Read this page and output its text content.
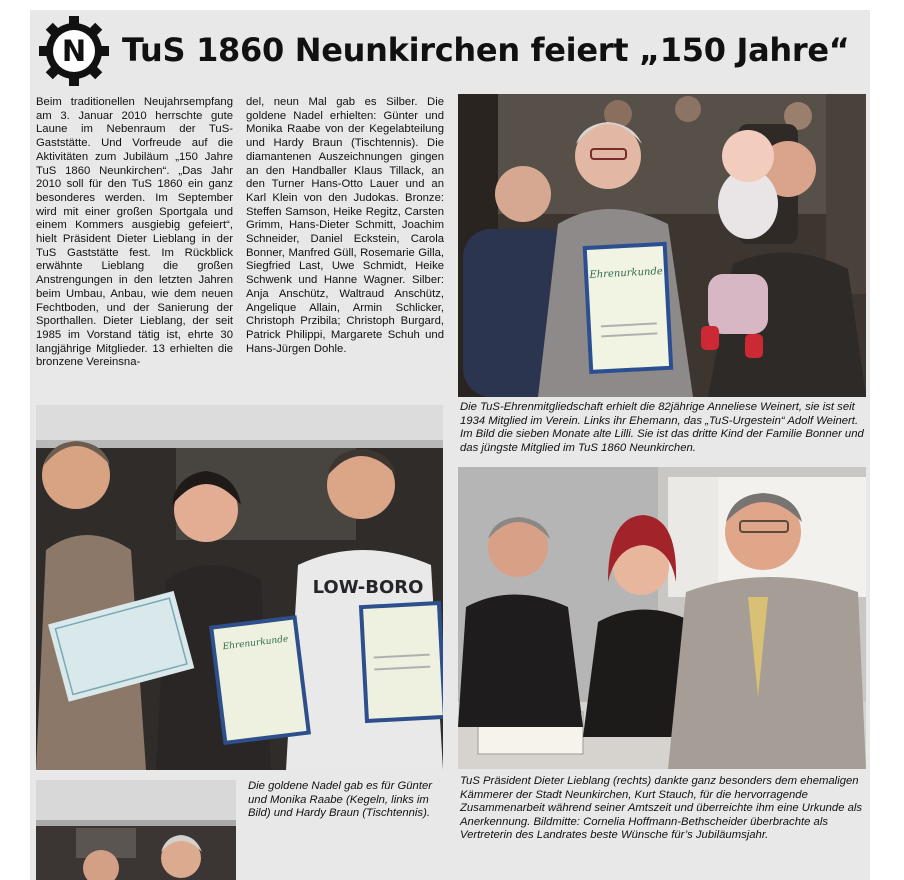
N TuS 1860 Neunkirchen feiert „150 Jahre“

Beim traditionellen Neujahrsempfang am 3. Januar 2010 herrschte gute Laune im Nebenraum der TuS-Gaststätte. Und Vorfreude auf die Aktivitäten zum Jubiläum „150 Jahre TuS 1860 Neunkirchen“. „Das Jahr 2010 soll für den TuS 1860 ein ganz besonderes werden. Im September wird mit einer großen Sportgala und einem Kommers ausgiebig gefeiert“, hielt Präsident Dieter Lieblang in der TuS Gaststätte fest. Im Rückblick erwähnte Lieblang die großen Anstrengungen in den letzten Jahren beim Umbau, Anbau, wie dem neuen Fechtboden, und der Sanierung der Sporthallen. Dieter Lieblang, der seit 1985 im Vorstand tätig ist, ehrte 30 langjährige Mitglieder. 13 erhielten die bronzene Vereinsna-

del, neun Mal gab es Silber. Die goldene Nadel erhielten: Günter und Monika Raabe von der Kegelabteilung und Hardy Braun (Tischtennis). Die diamantenen Auszeichnungen gingen an den Handballer Klaus Tillack, an den Turner Hans-Otto Lauer und an Karl Klein von den Judokas. Bronze: Steffen Samson, Heike Regitz, Carsten Grimm, Hans-Dieter Schmitt, Joachim Schneider, Daniel Eckstein, Carola Bonner, Manfred Güll, Rosemarie Gilla, Siegfried Last, Uwe Schmidt, Heike Schwenk und Hanne Wagner. Silber: Anja Anschütz, Waltraud Anschütz, Angelique Allain, Armin Schlicker, Christoph Przibila; Christoph Burgard, Patrick Philippi, Margarete Schuh und Hans-Jürgen Dohle.

Ehrenurkunde

Die TuS-Ehrenmitgliedschaft erhielt die 82jährige Anneliese Weinert, sie ist seit 1934 Mitglied im Verein. Links ihr Ehemann, das „TuS-Urgestein“ Adolf Weinert. Im Bild die sieben Monate alte Lilli. Sie ist das dritte Kind der Familie Bonner und das jüngste Mitglied im TuS 1860 Neunkirchen.

LOW-BORO
Ehrenurkunde

Die goldene Nadel gab es für Günter und Monika Raabe (Kegeln, links im Bild) und Hardy Braun (Tischtennis).

TuS Präsident Dieter Lieblang (rechts) dankte ganz besonders dem ehemaligen Kämmerer der Stadt Neunkirchen, Kurt Stauch, für die hervorragende Zusammenarbeit während seiner Amtszeit und überreichte ihm eine Urkunde als Anerkennung. Bildmitte: Cornelia Hoffmann-Bethscheider überbrachte als Vertreterin des Landrates beste Wünsche für’s Jubiläumsjahr.
